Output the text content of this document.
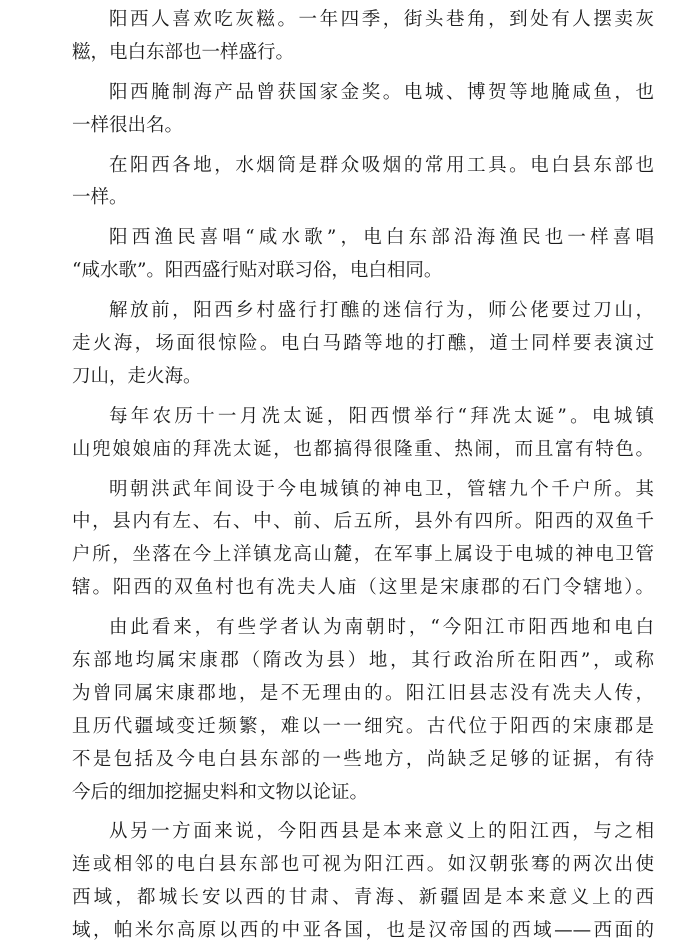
阳西人喜欢吃灰糍。一年四季，街头巷角，到处有人摆卖灰
糍，电白东部也一样盛行。
阳西腌制海产品曾获国家金奖。电城、博贺等地腌咸鱼，也
一样很出名。
在阳西各地，水烟筒是群众吸烟的常用工具。电白县东部也
一样。
阳西渔民喜唱“咸水歌”，电白东部沿海渔民也一样喜唱
“咸水歌”。阳西盛行贴对联习俗，电白相同。
解放前，阳西乡村盛行打醮的迷信行为，师公佬要过刀山，
走火海，场面很惊险。电白马踏等地的打醮，道士同样要表演过
刀山，走火海。
每年农历十一月冼太诞，阳西惯举行“拜冼太诞”。电城镇
山兜娘娘庙的拜冼太诞，也都搞得很隆重、热闹，而且富有特色。
明朝洪武年间设于今电城镇的神电卫，管辖九个千户所。其
中，县内有左、右、中、前、后五所，县外有四所。阳西的双鱼千
户所，坐落在今上洋镇龙高山麓，在军事上属设于电城的神电卫管
辖。阳西的双鱼村也有冼夫人庙（这里是宋康郡的石门令辖地）。
由此看来，有些学者认为南朝时，“今阳江市阳西地和电白
东部地均属宋康郡（隋改为县）地，其行政治所在阳西”，或称
为曾同属宋康郡地，是不无理由的。阳江旧县志没有冼夫人传，
且历代疆域变迁频繁，难以一一细究。古代位于阳西的宋康郡是
不是包括及今电白县东部的一些地方，尚缺乏足够的证据，有待
今后的细加挖掘史料和文物以论证。
从另一方面来说，今阳西县是本来意义上的阳江西，与之相
连或相邻的电白县东部也可视为阳江西。如汉朝张骞的两次出使
西域，都城长安以西的甘肃、青海、新疆固是本来意义上的西
域，帕米尔高原以西的中亚各国，也是汉帝国的西域——西面的
